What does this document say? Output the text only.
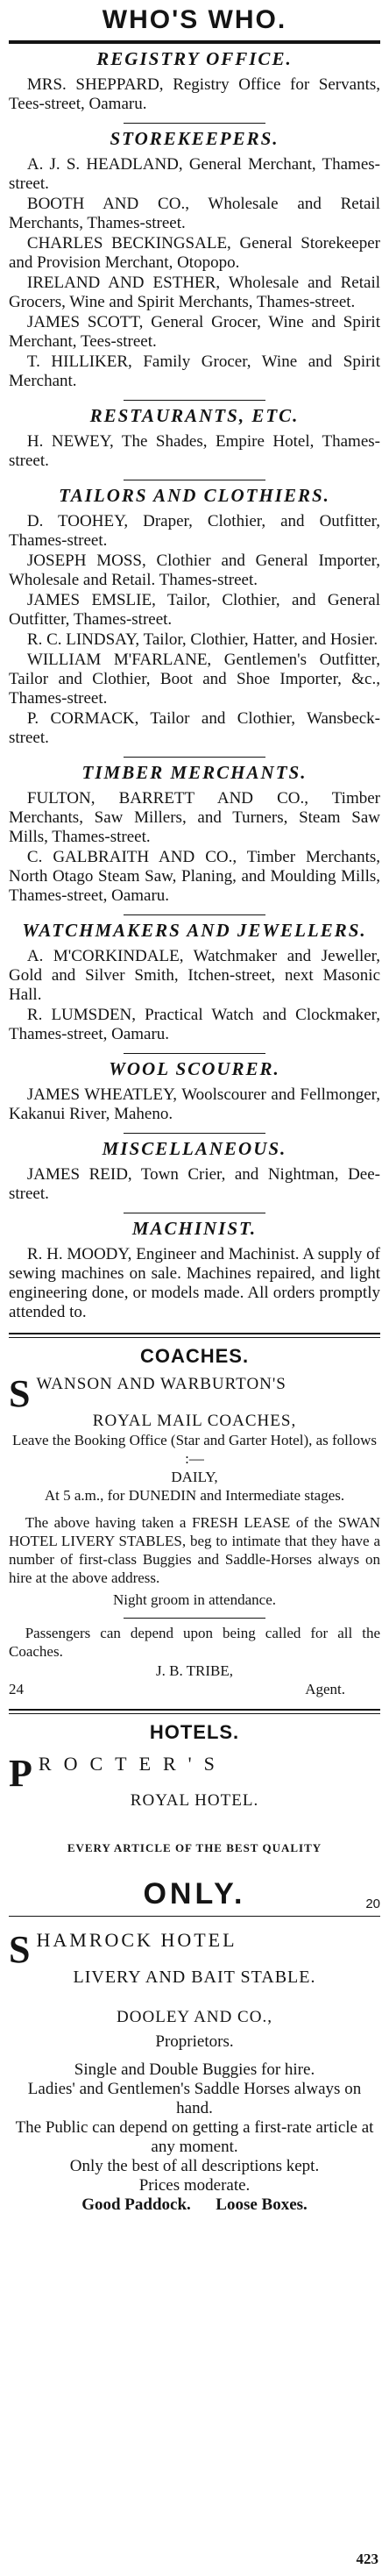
WHO'S WHO.
REGISTRY OFFICE.
MRS. SHEPPARD, Registry Office for Servants, Tees-street, Oamaru.
STOREKEEPERS.
A. J. S. HEADLAND, General Merchant, Thames-street.
BOOTH AND CO., Wholesale and Retail Merchants, Thames-street.
CHARLES BECKINGSALE, General Storekeeper and Provision Merchant, Otopopo.
IRELAND AND ESTHER, Wholesale and Retail Grocers, Wine and Spirit Merchants, Thames-street.
JAMES SCOTT, General Grocer, Wine and Spirit Merchant, Tees-street.
T. HILLIKER, Family Grocer, Wine and Spirit Merchant.
RESTAURANTS, ETC.
H. NEWEY, The Shades, Empire Hotel, Thames-street.
TAILORS AND CLOTHIERS.
D. TOOHEY, Draper, Clothier, and Outfitter, Thames-street.
JOSEPH MOSS, Clothier and General Importer, Wholesale and Retail. Thames-street.
JAMES EMSLIE, Tailor, Clothier, and General Outfitter, Thames-street.
R. C. LINDSAY, Tailor, Clothier, Hatter, and Hosier.
WILLIAM M'FARLANE, Gentlemen's Outfitter, Tailor and Clothier, Boot and Shoe Importer, &c., Thames-street.
P. CORMACK, Tailor and Clothier, Wansbeck-street.
TIMBER MERCHANTS.
FULTON, BARRETT AND CO., Timber Merchants, Saw Millers, and Turners, Steam Saw Mills, Thames-street.
C. GALBRAITH AND CO., Timber Merchants, North Otago Steam Saw, Planing, and Moulding Mills, Thames-street, Oamaru.
WATCHMAKERS AND JEWELLERS.
A. M'CORKINDALE, Watchmaker and Jeweller, Gold and Silver Smith, Itchen-street, next Masonic Hall.
R. LUMSDEN, Practical Watch and Clockmaker, Thames-street, Oamaru.
WOOL SCOURER.
JAMES WHEATLEY, Woolscourer and Fellmonger, Kakanui River, Maheno.
MISCELLANEOUS.
JAMES REID, Town Crier, and Nightman, Dee-street.
MACHINIST.
R. H. MOODY, Engineer and Machinist. A supply of sewing machines on sale. Machines repaired, and light engineering done, or models made. All orders promptly attended to.
COACHES.
S WANSON AND WARBURTON'S
ROYAL MAIL COACHES,
Leave the Booking Office (Star and Garter Hotel), as follows :—
DAILY,
At 5 a.m., for DUNEDIN and Intermediate stages.
The above having taken a FRESH LEASE of the SWAN HOTEL LIVERY STABLES, beg to intimate that they have a number of first-class Buggies and Saddle-Horses always on hire at the above address.
Night groom in attendance.
Passengers can depend upon being called for all the Coaches.
J. B. TRIBE,
24	Agent.
HOTELS.
P ROCTER'S
ROYAL HOTEL.
EVERY ARTICLE OF THE BEST QUALITY
ONLY.	20
S HAMROCK HOTEL
LIVERY AND BAIT STABLE.
DOOLEY AND CO.,
Proprietors.
Single and Double Buggies for hire.
Ladies' and Gentlemen's Saddle Horses always on hand.
The Public can depend on getting a first-rate article at any moment.
Only the best of all descriptions kept.
Prices moderate.
Good Paddock.      Loose Boxes.
423
